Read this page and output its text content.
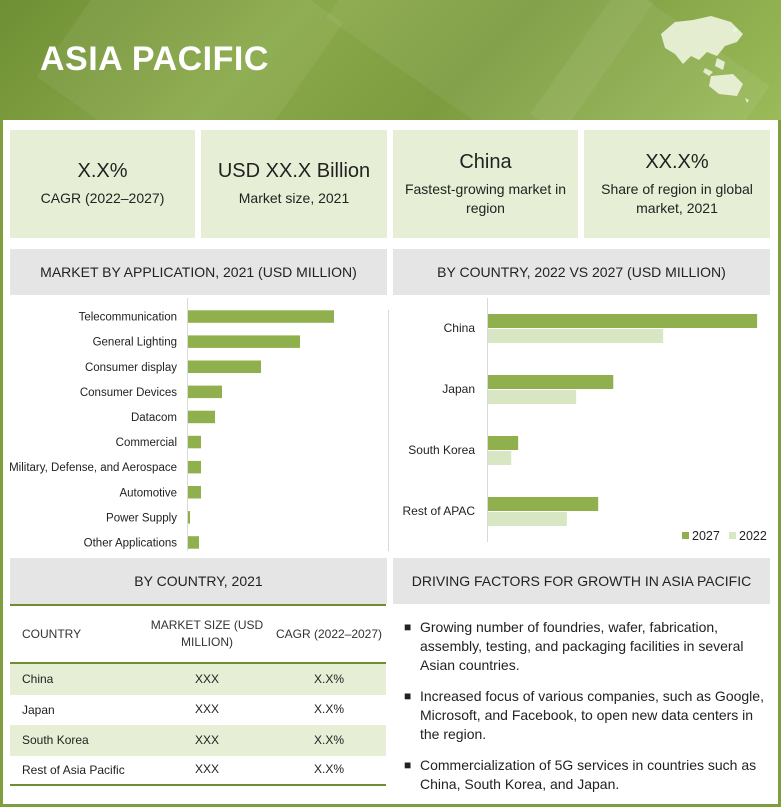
ASIA PACIFIC
X.X%
CAGR (2022–2027)
USD XX.X Billion
Market size, 2021
China
Fastest-growing market in region
XX.X%
Share of region in global market, 2021
MARKET BY APPLICATION, 2021 (USD MILLION)	BY COUNTRY, 2022 VS 2027 (USD MILLION)
BY COUNTRY, 2021	DRIVING FACTORS FOR GROWTH IN ASIA PACIFIC
Telecommunication
General Lighting
Consumer display
Consumer Devices
Datacom
Commercial
Military, Defense, and Aerospace
Automotive
Power Supply
Other Applications
China
Japan
South Korea
Rest of APAC
2027 2022
COUNTRY
MARKET SIZE (USD MILLION)
CAGR (2022–2027)
China	XXX	X.X%
Japan	XXX	X.X%
South Korea	XXX	X.X%
Rest of Asia Pacific	XXX	X.X%
■ Growing number of foundries, wafer, fabrication, assembly, testing, and packaging facilities in several Asian countries.
■ Increased focus of various companies, such as Google, Microsoft, and Facebook, to open new data centers in the region.
■ Commercialization of 5G services in countries such as China, South Korea, and Japan.
